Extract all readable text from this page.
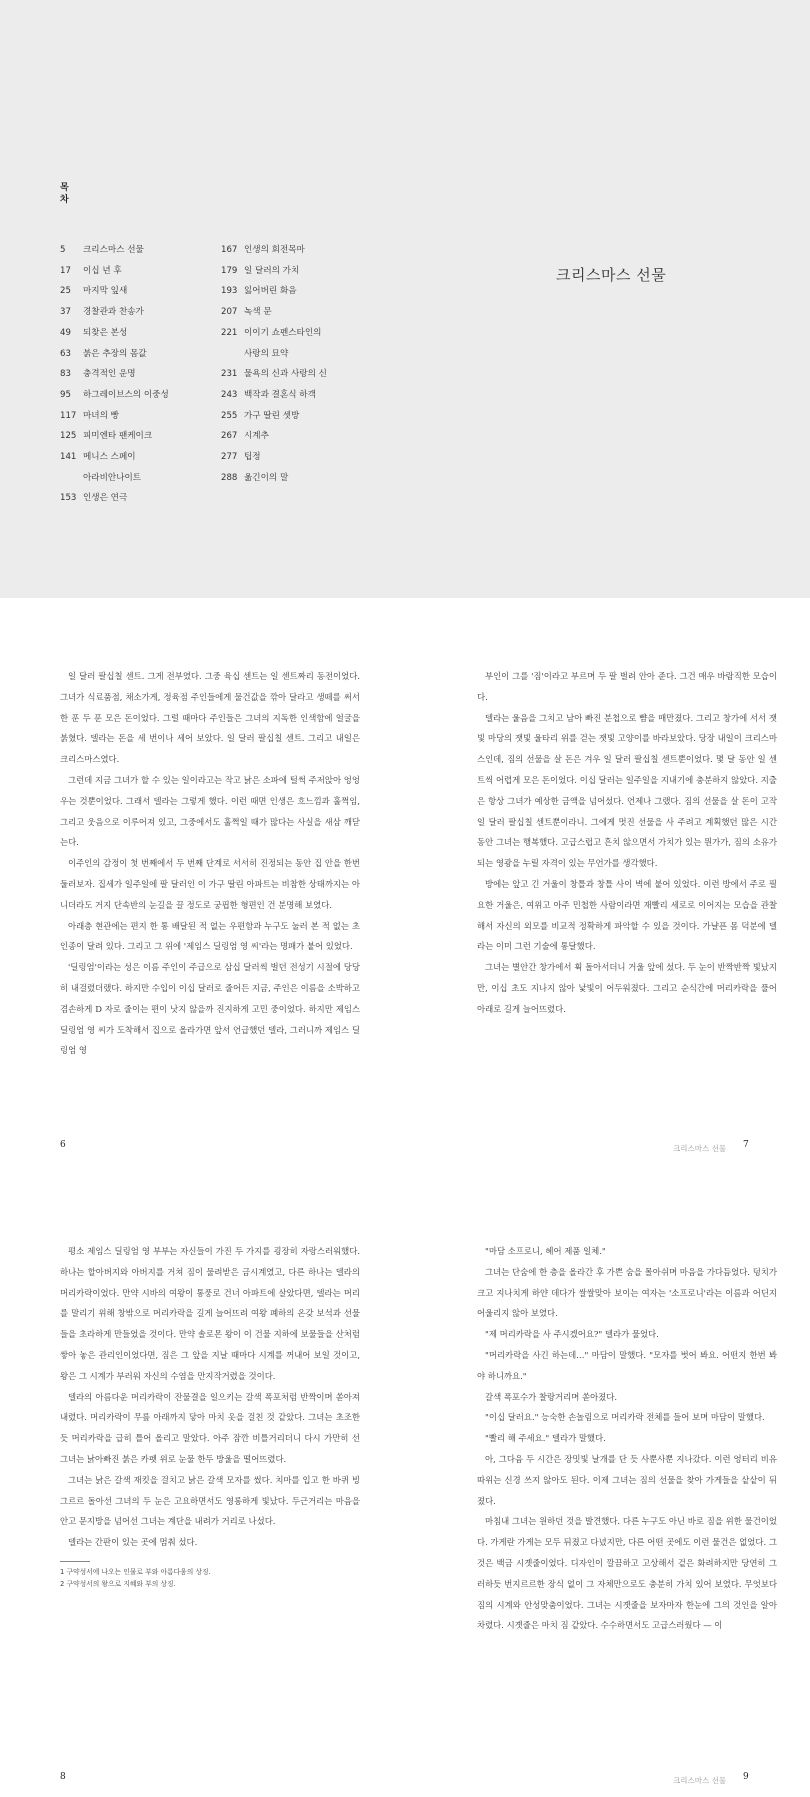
목차
5	크리스마스 선물
17	이십 년 후
25	마지막 잎새
37	경찰관과 찬송가
49	되찾은 본성
63	붉은 추장의 몸값
83	충격적인 운명
95	하그레이브스의 이중성
117 마녀의 빵
125 피미엔타 팬케이크
141 메니스 스페이
아라비안나이트
153 인생은 연극
167 인생의 회전목마
179 일 달러의 가치
193 잃어버린 화음
207 녹색 문
221 이이기 쇼펜스타인의
사랑의 묘약
231 물욕의 신과 사랑의 신
243 백작과 결혼식 하객
255 가구 딸린 셋방
267 시계추
277 팁정
288 옮긴이의 말
크리스마스 선물

일 달러 팔십칠 센트. 그게 전부였다. 그중 육십 센트는 일 센트짜리 동전이었다. 그녀가 식료품점, 채소가게, 정육점 주인들에게 물건값을 깎아 달라고 생떼를 써서 한 푼 두 푼 모은 돈이었다. 그럴 때마다 주인들은 그녀의 지독한 인색함에 얼굴을 붉혔다. 델라는 돈을 세 번이나 세어 보았다. 일 달러 팔십칠 센트. 그리고 내일은 크리스마스였다.

그런데 지금 그녀가 할 수 있는 일이라고는 작고 낡은 소파에 털썩 주저앉아 엉엉 우는 것뿐이었다. 그래서 델라는 그렇게 했다. 이런 때면 인생은 흐느낌과 훌쩍임, 그리고 웃음으로 이루어져 있고, 그중에서도 훌쩍일 때가 많다는 사실을 새삼 깨닫는다.

이주인의 감정이 첫 번째에서 두 번째 단계로 서서히 진정되는 동안 집 안을 한번 둘러보자. 집세가 일주일에 팔 달러인 이 가구 딸린 아파트는 비참한 상태까지는 아니더라도 거지 단속반의 눈길을 끌 정도로 궁핍한 형편인 건 분명해 보였다.

아래층 현관에는 편지 한 통 배달된 적 없는 우편함과 누구도 눌러 본 적 없는 초인종이 달려 있다. 그리고 그 위에 '제임스 딜링엄 영 씨'라는 명패가 붙어 있었다.

'딜링엄'이라는 성은 이름 주인이 주급으로 삼십 달러씩 벌던 전성기 시절에 당당히 내걸렸더랬다. 하지만 수입이 이십 달러로 줄어든 지금, 주인은 이름을 소박하고 겸손하게 D 자로 줄이는 편이 낫지 않을까 진지하게 고민 중이었다. 하지만 제임스 딜링엄 영 씨가 도착해서 집으로 올라가면 앞서 언급했던 델라, 그러니까 제임스 딜링엄 영

6

부인이 그를 '짐'이라고 부르며 두 팔 벌려 안아 준다. 그건 매우 바람직한 모습이다.

델라는 울음을 그치고 남아 빠진 분첩으로 뺨을 매만졌다. 그리고 창가에 서서 잿빛 마당의 잿빛 울타리 위를 걷는 잿빛 고양이를 바라보았다. 당장 내일이 크리스마스인데, 짐의 선물을 살 돈은 겨우 일 달러 팔십칠 센트뿐이었다. 몇 달 동안 일 센트씩 어렵게 모은 돈이었다. 이십 달러는 일주일을 지내기에 충분하지 않았다. 지출은 항상 그녀가 예상한 금액을 넘어섰다. 언제나 그랬다. 짐의 선물을 살 돈이 고작 일 달러 팔십칠 센트뿐이라니. 그에게 멋진 선물을 사 주려고 계획했던 많은 시간 동안 그녀는 행복했다. 고급스럽고 흔치 않으면서 가치가 있는 뭔가가, 짐의 소유가 되는 영광을 누릴 자격이 있는 무언가를 생각했다.

방에는 앞고 긴 거울이 창틀과 창틀 사이 벽에 붙어 있었다. 이런 방에서 주로 필요한 거울은, 여위고 아주 민첩한 사람이라면 재빨리 세로로 이어지는 모습을 관찰해서 자신의 외모를 비교적 정확하게 파악할 수 있을 것이다. 가냘픈 몸 덕분에 델라는 이미 그런 기술에 통달했다.

그녀는 별안간 창가에서 휙 돌아서더니 거울 앞에 섰다. 두 눈이 반짝반짝 빛났지만, 이십 초도 지나지 않아 낯빛이 어두워졌다. 그리고 순식간에 머리카락을 풀어 아래로 길게 늘어뜨렸다.

크리스마스 선물 7

평소 제임스 딜링엄 영 부부는 자신들이 가진 두 가지를 굉장히 자랑스러워했다. 하나는 할아버지와 아버지를 거쳐 짐이 물려받은 금시계였고, 다른 하나는 델라의 머리카락이었다. 만약 시바의 여왕이 통풍로 건너 아파트에 살았다면, 델라는 머리를 말리기 위해 창밖으로 머리카락을 길게 늘어뜨려 여왕 폐하의 온갖 보석과 선물들을 초라하게 만들었을 것이다. 만약 솔로몬 왕이 이 건물 지하에 보물들을 산처럼 쌓아 놓은 관리인이었다면, 짐은 그 앞을 지날 때마다 시계를 꺼내어 보일 것이고, 왕은 그 시계가 부러워 자신의 수염을 만지작거렸을 것이다.

델라의 아름다운 머리카락이 잔물결을 일으키는 갈색 폭포처럼 반짝이며 쏟아져 내렸다. 머리카락이 무릎 아래까지 닿아 마치 옷을 걸친 것 같았다. 그녀는 초조한 듯 머리카락을 급히 틀어 올리고 말았다. 아주 잠깐 비틀거리더니 다시 가만히 선 그녀는 낡아빠진 붉은 카펫 위로 눈물 한두 방울을 떨어뜨렸다.

그녀는 낡은 갈색 재킷을 걸치고 낡은 갈색 모자를 썼다. 치마를 입고 한 바퀴 빙그르르 돌아선 그녀의 두 눈은 고요하면서도 영롱하게 빛났다. 두근거리는 마음을 안고 문지방을 넘어선 그녀는 계단을 내려가 거리로 나섰다.

델라는 간판이 있는 곳에 멈춰 섰다.

1 구약성서에 나오는 인물로 부와 아름다움의 상징.
2 구약성서의 왕으로 지혜와 부의 상징.
8

"마담 소프로니, 헤어 제품 일체."

그녀는 단숨에 한 층을 올라간 후 가쁜 숨을 몰아쉬며 마음을 가다듬었다. 덩치가 크고 지나치게 하얀 데다가 쌀쌀맞아 보이는 여자는 '소프로니'라는 이름과 어딘지 어울리지 않아 보였다.

"제 머리카락을 사 주시겠어요?" 델라가 물었다.

"머리카락을 사긴 하는데…" 마담이 말했다. "모자를 벗어 봐요. 어떤지 한번 봐야 하니까요."

갈색 폭포수가 찰랑거리며 쏟아졌다.

"이십 달러요." 능숙한 손놀림으로 머리카락 전체를 들어 보며 마담이 말했다.

"빨리 해 주세요." 델라가 말했다.

아, 그다음 두 시간은 장밋빛 날개를 단 듯 사뿐사뿐 지나갔다. 이런 엉터리 비유 따위는 신경 쓰지 않아도 된다. 이제 그녀는 짐의 선물을 찾아 가게들을 샅샅이 뒤졌다.

마침내 그녀는 원하던 것을 발견했다. 다른 누구도 아닌 바로 짐을 위한 물건이었다. 가게란 가게는 모두 뒤졌고 다녔지만, 다른 어떤 곳에도 이런 물건은 없었다. 그것은 백금 시곗줄이었다. 디자인이 깔끔하고 고상해서 겉은 화려하지만 당연히 그러하듯 번지르르한 장식 없이 그 자체만으로도 충분히 가치 있어 보였다. 무엇보다 짐의 시계와 안성맞춤이었다. 그녀는 시곗줄을 보자마자 한눈에 그의 것인을 알아차렸다. 시곗줄은 마치 짐 같았다. 수수하면서도 고급스러웠다 — 이

크리스마스 선물 9
